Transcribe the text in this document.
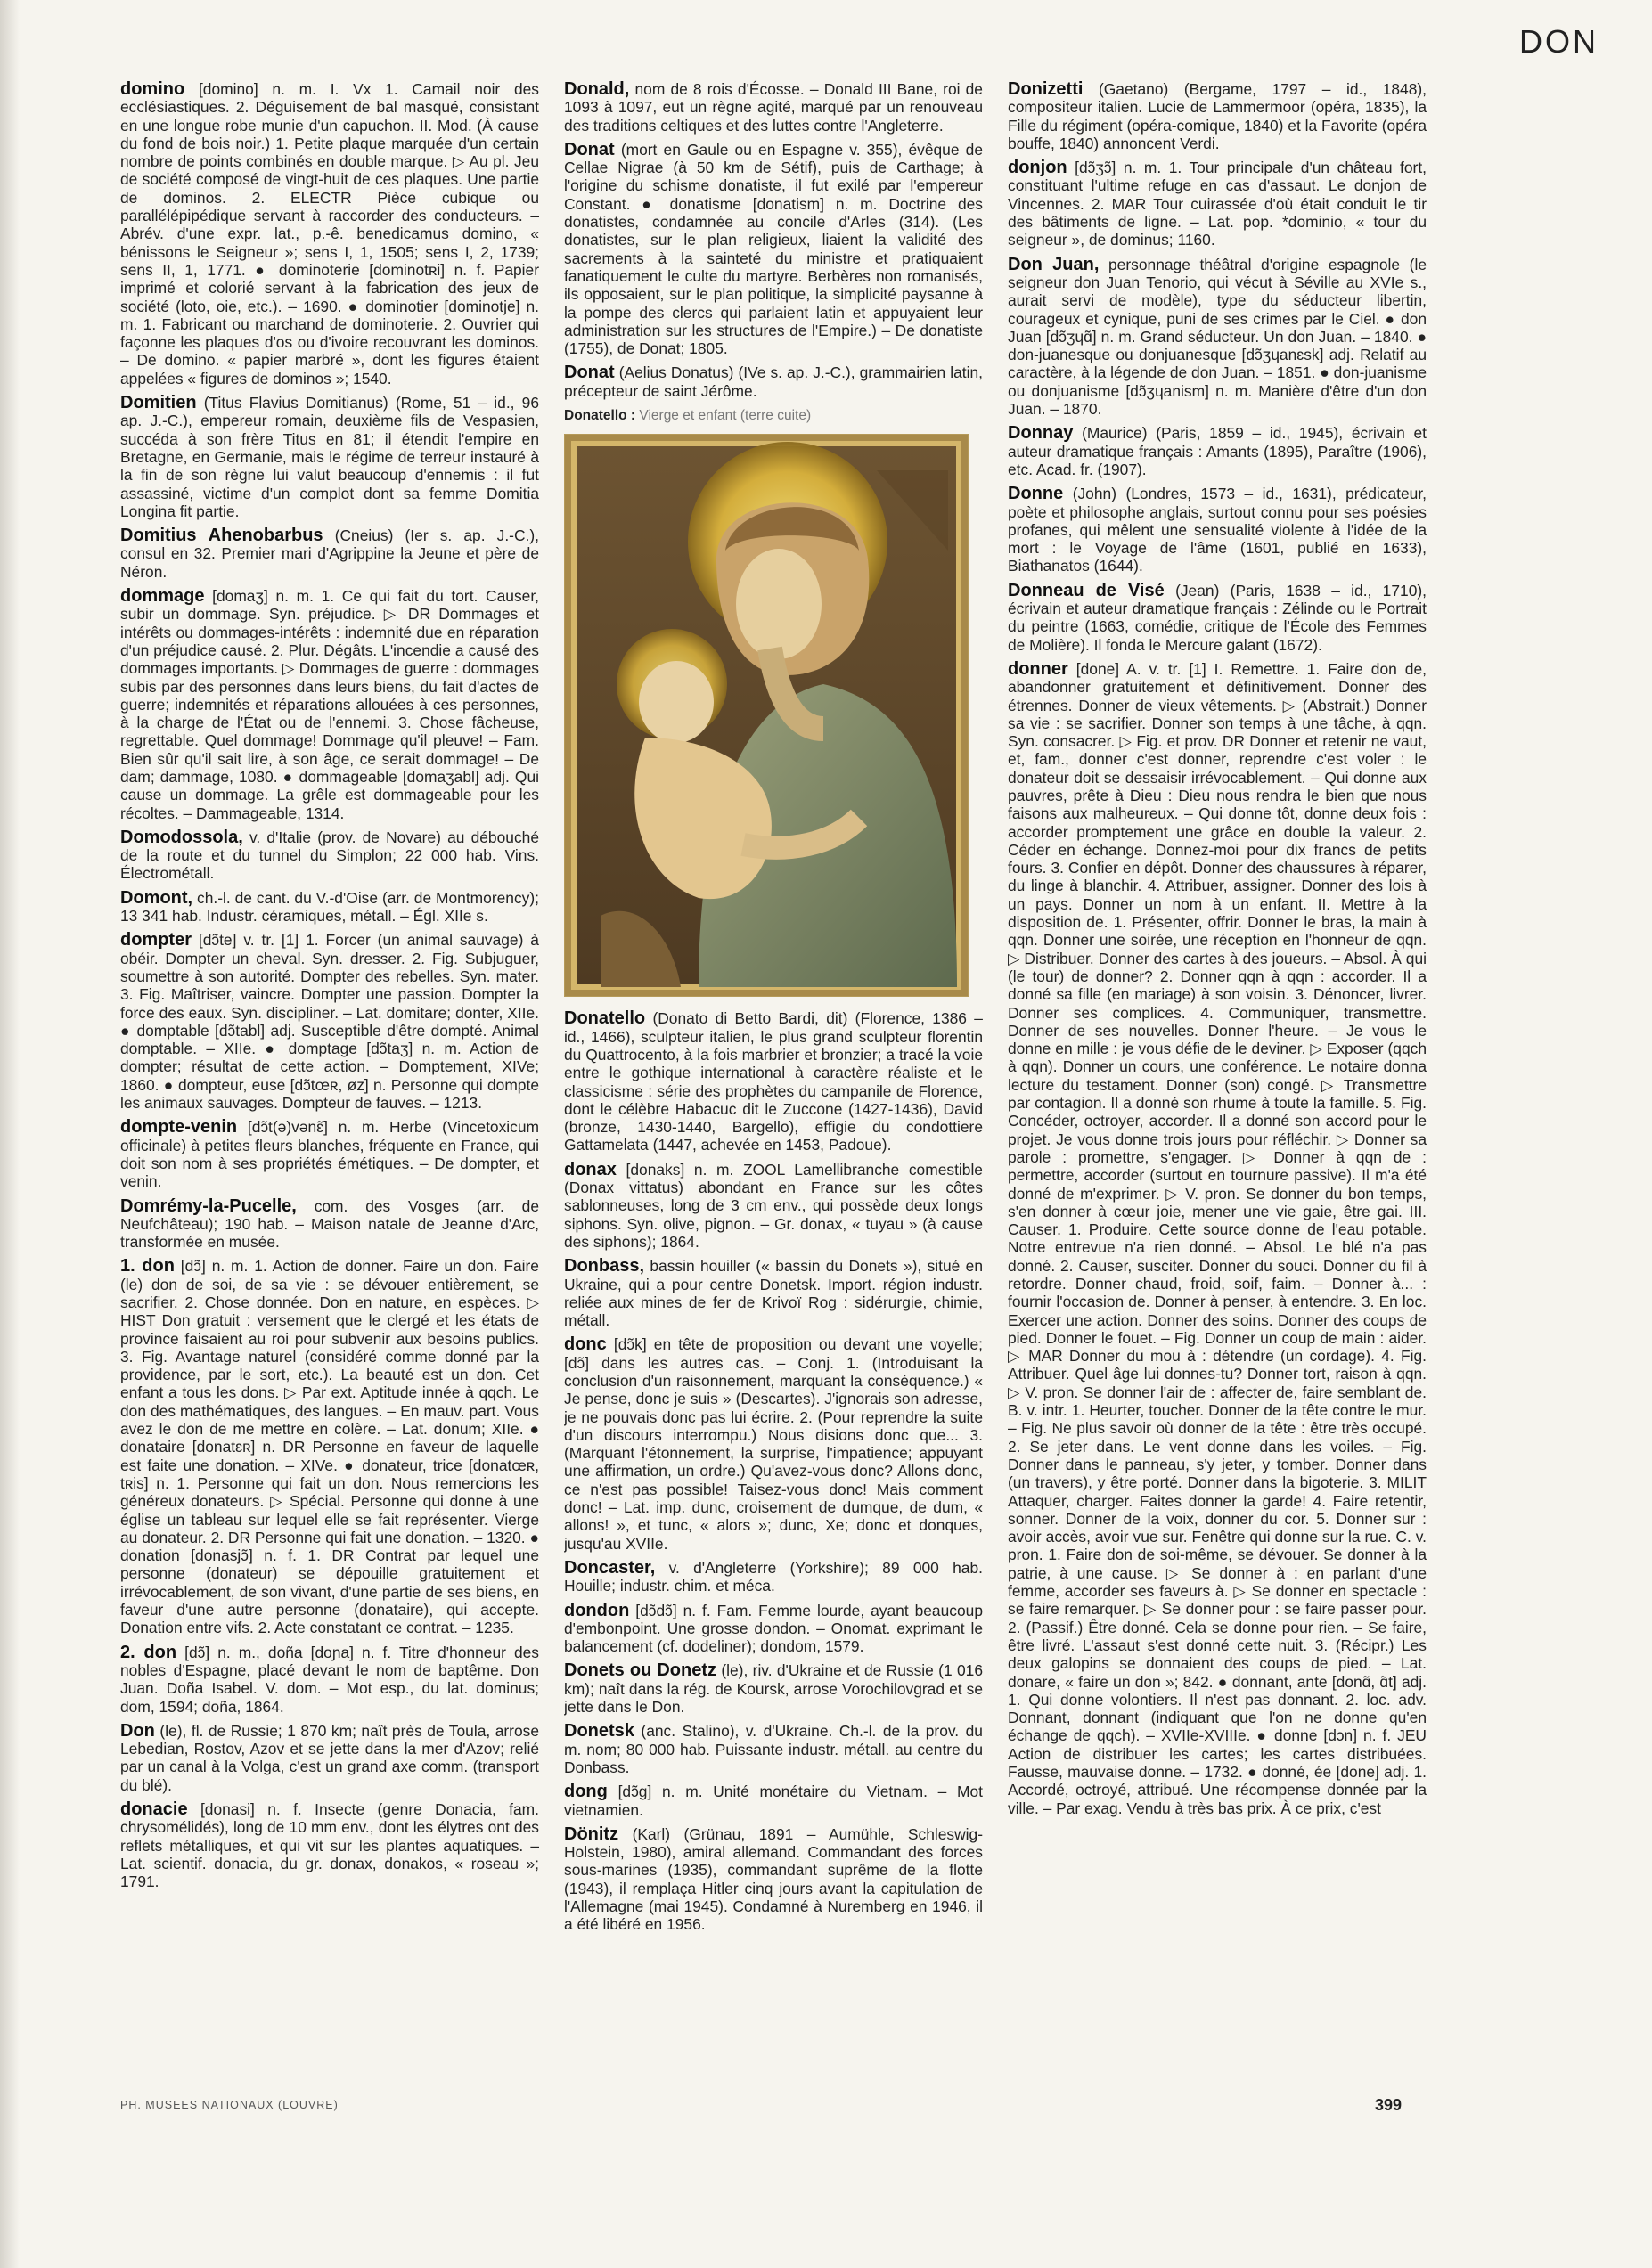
DON

domino [domino] n. m. I. Vx 1. Camail noir des ecclésiastiques. 2. Déguisement de bal masqué, consistant en une longue robe munie d'un capuchon. II. Mod. (À cause du fond de bois noir.) 1. Petite plaque marquée d'un certain nombre de points combinés en double marque. ▷ Au pl. Jeu de société composé de vingt-huit de ces plaques. Une partie de dominos. 2. ELECTR Pièce cubique ou parallélépipédique servant à raccorder des conducteurs. – Abrév. d'une expr. lat., p.-ê. benedicamus domino, « bénissons le Seigneur »; sens I, 1, 1505; sens I, 2, 1739; sens II, 1, 1771. ● dominoterie [dominotʀi] n. f. Papier imprimé et colorié servant à la fabrication des jeux de société (loto, oie, etc.). – 1690. ● dominotier [dominotje] n. m. 1. Fabricant ou marchand de dominoterie. 2. Ouvrier qui façonne les plaques d'os ou d'ivoire recouvrant les dominos. – De domino. « papier marbré », dont les figures étaient appelées « figures de dominos »; 1540.

Domitien (Titus Flavius Domitianus) (Rome, 51 – id., 96 ap. J.-C.), empereur romain, deuxième fils de Vespasien, succéda à son frère Titus en 81; il étendit l'empire en Bretagne, en Germanie, mais le régime de terreur instauré à la fin de son règne lui valut beaucoup d'ennemis : il fut assassiné, victime d'un complot dont sa femme Domitia Longina fit partie.

Domitius Ahenobarbus (Cneius) (Ier s. ap. J.-C.), consul en 32. Premier mari d'Agrippine la Jeune et père de Néron.

dommage [domaʒ] n. m. 1. Ce qui fait du tort. Causer, subir un dommage. Syn. préjudice. ▷ DR Dommages et intérêts ou dommages-intérêts : indemnité due en réparation d'un préjudice causé. 2. Plur. Dégâts. L'incendie a causé des dommages importants. ▷ Dommages de guerre : dommages subis par des personnes dans leurs biens, du fait d'actes de guerre; indemnités et réparations allouées à ces personnes, à la charge de l'État ou de l'ennemi. 3. Chose fâcheuse, regrettable. Quel dommage! Dommage qu'il pleuve! – Fam. Bien sûr qu'il sait lire, à son âge, ce serait dommage! – De dam; dammage, 1080. ● dommageable [domaʒabl] adj. Qui cause un dommage. La grêle est dommageable pour les récoltes. – Dammageable, 1314.

Domodossola, v. d'Italie (prov. de Novare) au débouché de la route et du tunnel du Simplon; 22 000 hab. Vins. Électrométall.

Domont, ch.-l. de cant. du V.-d'Oise (arr. de Montmorency); 13 341 hab. Industr. céramiques, métall. – Égl. XIIe s.

dompter [dɔ̃te] v. tr. [1] 1. Forcer (un animal sauvage) à obéir. Dompter un cheval. Syn. dresser. 2. Fig. Subjuguer, soumettre à son autorité. Dompter des rebelles. Syn. mater. 3. Fig. Maîtriser, vaincre. Dompter une passion. Dompter la force des eaux. Syn. discipliner. – Lat. domitare; donter, XIIe. ● domptable [dɔ̃tabl] adj. Susceptible d'être dompté. Animal domptable. – XIIe. ● domptage [dɔ̃taʒ] n. m. Action de dompter; résultat de cette action. – Domptement, XIVe; 1860. ● dompteur, euse [dɔ̃tœʀ, øz] n. Personne qui dompte les animaux sauvages. Dompteur de fauves. – 1213.

dompte-venin [dɔ̃t(ə)vənɛ̃] n. m. Herbe (Vincetoxicum officinale) à petites fleurs blanches, fréquente en France, qui doit son nom à ses propriétés émétiques. – De dompter, et venin.

Domrémy-la-Pucelle, com. des Vosges (arr. de Neufchâteau); 190 hab. – Maison natale de Jeanne d'Arc, transformée en musée.

1. don [dɔ̃] n. m. 1. Action de donner. Faire un don. Faire (le) don de soi, de sa vie : se dévouer entièrement, se sacrifier. 2. Chose donnée. Don en nature, en espèces. ▷ HIST Don gratuit : versement que le clergé et les états de province faisaient au roi pour subvenir aux besoins publics. 3. Fig. Avantage naturel (considéré comme donné par la providence, par le sort, etc.). La beauté est un don. Cet enfant a tous les dons. ▷ Par ext. Aptitude innée à qqch. Le don des mathématiques, des langues. – En mauv. part. Vous avez le don de me mettre en colère. – Lat. donum; XIIe. ● donataire [donatɛʀ] n. DR Personne en faveur de laquelle est faite une donation. – XIVe. ● donateur, trice [donatœʀ, tʀis] n. 1. Personne qui fait un don. Nous remercions les généreux donateurs. ▷ Spécial. Personne qui donne à une église un tableau sur lequel elle se fait représenter. Vierge au donateur. 2. DR Personne qui fait une donation. – 1320. ● donation [donasjɔ̃] n. f. 1. DR Contrat par lequel une personne (donateur) se dépouille gratuitement et irrévocablement, de son vivant, d'une partie de ses biens, en faveur d'une autre personne (donataire), qui accepte. Donation entre vifs. 2. Acte constatant ce contrat. – 1235.

2. don [dɔ̃] n. m., doña [doɲa] n. f. Titre d'honneur des nobles d'Espagne, placé devant le nom de baptême. Don Juan. Doña Isabel. V. dom. – Mot esp., du lat. dominus; dom, 1594; doña, 1864.

Don (le), fl. de Russie; 1 870 km; naît près de Toula, arrose Lebedian, Rostov, Azov et se jette dans la mer d'Azov; relié par un canal à la Volga, c'est un grand axe comm. (transport du blé).

donacie [donasi] n. f. Insecte (genre Donacia, fam. chrysomélidés), long de 10 mm env., dont les élytres ont des reflets métalliques, et qui vit sur les plantes aquatiques. – Lat. scientif. donacia, du gr. donax, donakos, « roseau »; 1791.

Donald, nom de 8 rois d'Écosse. – Donald III Bane, roi de 1093 à 1097, eut un règne agité, marqué par un renouveau des traditions celtiques et des luttes contre l'Angleterre.

Donat (mort en Gaule ou en Espagne v. 355), évêque de Cellae Nigrae (à 50 km de Sétif), puis de Carthage; à l'origine du schisme donatiste, il fut exilé par l'empereur Constant. ● donatisme [donatism] n. m. Doctrine des donatistes, condamnée au concile d'Arles (314). (Les donatistes, sur le plan religieux, liaient la validité des sacrements à la sainteté du ministre et pratiquaient fanatiquement le culte du martyre. Berbères non romanisés, ils opposaient, sur le plan politique, la simplicité paysanne à la pompe des clercs qui parlaient latin et appuyaient leur administration sur les structures de l'Empire.) – De donatiste (1755), de Donat; 1805.

Donat (Aelius Donatus) (IVe s. ap. J.-C.), grammairien latin, précepteur de saint Jérôme.

Donatello : Vierge et enfant (terre cuite)

Donatello (Donato di Betto Bardi, dit) (Florence, 1386 – id., 1466), sculpteur italien, le plus grand sculpteur florentin du Quattrocento, à la fois marbrier et bronzier; a tracé la voie entre le gothique international à caractère réaliste et le classicisme : série des prophètes du campanile de Florence, dont le célèbre Habacuc dit le Zuccone (1427-1436), David (bronze, 1430-1440, Bargello), effigie du condottiere Gattamelata (1447, achevée en 1453, Padoue).

donax [donaks] n. m. ZOOL Lamellibranche comestible (Donax vittatus) abondant en France sur les côtes sablonneuses, long de 3 cm env., qui possède deux longs siphons. Syn. olive, pignon. – Gr. donax, « tuyau » (à cause des siphons); 1864.

Donbass, bassin houiller (« bassin du Donets »), situé en Ukraine, qui a pour centre Donetsk. Import. région industr. reliée aux mines de fer de Krivoï Rog : sidérurgie, chimie, métall.

donc [dɔ̃k] en tête de proposition ou devant une voyelle; [dɔ̃] dans les autres cas. – Conj. 1. (Introduisant la conclusion d'un raisonnement, marquant la conséquence.) « Je pense, donc je suis » (Descartes). J'ignorais son adresse, je ne pouvais donc pas lui écrire. 2. (Pour reprendre la suite d'un discours interrompu.) Nous disions donc que... 3. (Marquant l'étonnement, la surprise, l'impatience; appuyant une affirmation, un ordre.) Qu'avez-vous donc? Allons donc, ce n'est pas possible! Taisez-vous donc! Mais comment donc! – Lat. imp. dunc, croisement de dumque, de dum, « allons! », et tunc, « alors »; dunc, Xe; donc et donques, jusqu'au XVIIe.

Doncaster, v. d'Angleterre (Yorkshire); 89 000 hab. Houille; industr. chim. et méca.

dondon [dɔ̃dɔ̃] n. f. Fam. Femme lourde, ayant beaucoup d'embonpoint. Une grosse dondon. – Onomat. exprimant le balancement (cf. dodeliner); dondom, 1579.

Donets ou Donetz (le), riv. d'Ukraine et de Russie (1 016 km); naît dans la rég. de Koursk, arrose Vorochilovgrad et se jette dans le Don.

Donetsk (anc. Stalino), v. d'Ukraine. Ch.-l. de la prov. du m. nom; 80 000 hab. Puissante industr. métall. au centre du Donbass.

dong [dɔ̃g] n. m. Unité monétaire du Vietnam. – Mot vietnamien.

Dönitz (Karl) (Grünau, 1891 – Aumühle, Schleswig-Holstein, 1980), amiral allemand. Commandant des forces sous-marines (1935), commandant suprême de la flotte (1943), il remplaça Hitler cinq jours avant la capitulation de l'Allemagne (mai 1945). Condamné à Nuremberg en 1946, il a été libéré en 1956.

Donizetti (Gaetano) (Bergame, 1797 – id., 1848), compositeur italien. Lucie de Lammermoor (opéra, 1835), la Fille du régiment (opéra-comique, 1840) et la Favorite (opéra bouffe, 1840) annoncent Verdi.

donjon [dɔ̃ʒɔ̃] n. m. 1. Tour principale d'un château fort, constituant l'ultime refuge en cas d'assaut. Le donjon de Vincennes. 2. MAR Tour cuirassée d'où était conduit le tir des bâtiments de ligne. – Lat. pop. *dominio, « tour du seigneur », de dominus; 1160.

Don Juan, personnage théâtral d'origine espagnole (le seigneur don Juan Tenorio, qui vécut à Séville au XVIe s., aurait servi de modèle), type du séducteur libertin, courageux et cynique, puni de ses crimes par le Ciel. ● don Juan [dɔ̃ʒɥɑ̃] n. m. Grand séducteur. Un don Juan. – 1840. ● don-juanesque ou donjuanesque [dɔ̃ʒɥanɛsk] adj. Relatif au caractère, à la légende de don Juan. – 1851. ● don-juanisme ou donjuanisme [dɔ̃ʒɥanism] n. m. Manière d'être d'un don Juan. – 1870.

Donnay (Maurice) (Paris, 1859 – id., 1945), écrivain et auteur dramatique français : Amants (1895), Paraître (1906), etc. Acad. fr. (1907).

Donne (John) (Londres, 1573 – id., 1631), prédicateur, poète et philosophe anglais, surtout connu pour ses poésies profanes, qui mêlent une sensualité violente à l'idée de la mort : le Voyage de l'âme (1601, publié en 1633), Biathanatos (1644).

Donneau de Visé (Jean) (Paris, 1638 – id., 1710), écrivain et auteur dramatique français : Zélinde ou le Portrait du peintre (1663, comédie, critique de l'École des Femmes de Molière). Il fonda le Mercure galant (1672).

donner [done] A. v. tr. [1] I. Remettre. 1. Faire don de, abandonner gratuitement et définitivement. Donner des étrennes. Donner de vieux vêtements. ▷ (Abstrait.) Donner sa vie : se sacrifier. Donner son temps à une tâche, à qqn. Syn. consacrer. ▷ Fig. et prov. DR Donner et retenir ne vaut, et, fam., donner c'est donner, reprendre c'est voler : le donateur doit se dessaisir irrévocablement. – Qui donne aux pauvres, prête à Dieu : Dieu nous rendra le bien que nous faisons aux malheureux. – Qui donne tôt, donne deux fois : accorder promptement une grâce en double la valeur. 2. Céder en échange. Donnez-moi pour dix francs de petits fours. 3. Confier en dépôt. Donner des chaussures à réparer, du linge à blanchir. 4. Attribuer, assigner. Donner des lois à un pays. Donner un nom à un enfant. II. Mettre à la disposition de. 1. Présenter, offrir. Donner le bras, la main à qqn. Donner une soirée, une réception en l'honneur de qqn. ▷ Distribuer. Donner des cartes à des joueurs. – Absol. À qui (le tour) de donner? 2. Donner qqn à qqn : accorder. Il a donné sa fille (en mariage) à son voisin. 3. Dénoncer, livrer. Donner ses complices. 4. Communiquer, transmettre. Donner de ses nouvelles. Donner l'heure. – Je vous le donne en mille : je vous défie de le deviner. ▷ Exposer (qqch à qqn). Donner un cours, une conférence. Le notaire donna lecture du testament. Donner (son) congé. ▷ Transmettre par contagion. Il a donné son rhume à toute la famille. 5. Fig. Concéder, octroyer, accorder. Il a donné son accord pour le projet. Je vous donne trois jours pour réfléchir. ▷ Donner sa parole : promettre, s'engager. ▷ Donner à qqn de : permettre, accorder (surtout en tournure passive). Il m'a été donné de m'exprimer. ▷ V. pron. Se donner du bon temps, s'en donner à cœur joie, mener une vie gaie, être gai. III. Causer. 1. Produire. Cette source donne de l'eau potable. Notre entrevue n'a rien donné. – Absol. Le blé n'a pas donné. 2. Causer, susciter. Donner du souci. Donner du fil à retordre. Donner chaud, froid, soif, faim. – Donner à... : fournir l'occasion de. Donner à penser, à entendre. 3. En loc. Exercer une action. Donner des soins. Donner des coups de pied. Donner le fouet. – Fig. Donner un coup de main : aider. ▷ MAR Donner du mou à : détendre (un cordage). 4. Fig. Attribuer. Quel âge lui donnes-tu? Donner tort, raison à qqn. ▷ V. pron. Se donner l'air de : affecter de, faire semblant de. B. v. intr. 1. Heurter, toucher. Donner de la tête contre le mur. – Fig. Ne plus savoir où donner de la tête : être très occupé. 2. Se jeter dans. Le vent donne dans les voiles. – Fig. Donner dans le panneau, s'y jeter, y tomber. Donner dans (un travers), y être porté. Donner dans la bigoterie. 3. MILIT Attaquer, charger. Faites donner la garde! 4. Faire retentir, sonner. Donner de la voix, donner du cor. 5. Donner sur : avoir accès, avoir vue sur. Fenêtre qui donne sur la rue. C. v. pron. 1. Faire don de soi-même, se dévouer. Se donner à la patrie, à une cause. ▷ Se donner à : en parlant d'une femme, accorder ses faveurs à. ▷ Se donner en spectacle : se faire remarquer. ▷ Se donner pour : se faire passer pour. 2. (Passif.) Être donné. Cela se donne pour rien. – Se faire, être livré. L'assaut s'est donné cette nuit. 3. (Récipr.) Les deux galopins se donnaient des coups de pied. – Lat. donare, « faire un don »; 842. ● donnant, ante [donɑ̃, ɑ̃t] adj. 1. Qui donne volontiers. Il n'est pas donnant. 2. loc. adv. Donnant, donnant (indiquant que l'on ne donne qu'en échange de qqch). – XVIIe-XVIIIe. ● donne [dɔn] n. f. JEU Action de distribuer les cartes; les cartes distribuées. Fausse, mauvaise donne. – 1732. ● donné, ée [done] adj. 1. Accordé, octroyé, attribué. Une récompense donnée par la ville. – Par exag. Vendu à très bas prix. À ce prix, c'est

PH. MUSEES NATIONAUX (LOUVRE)	399
